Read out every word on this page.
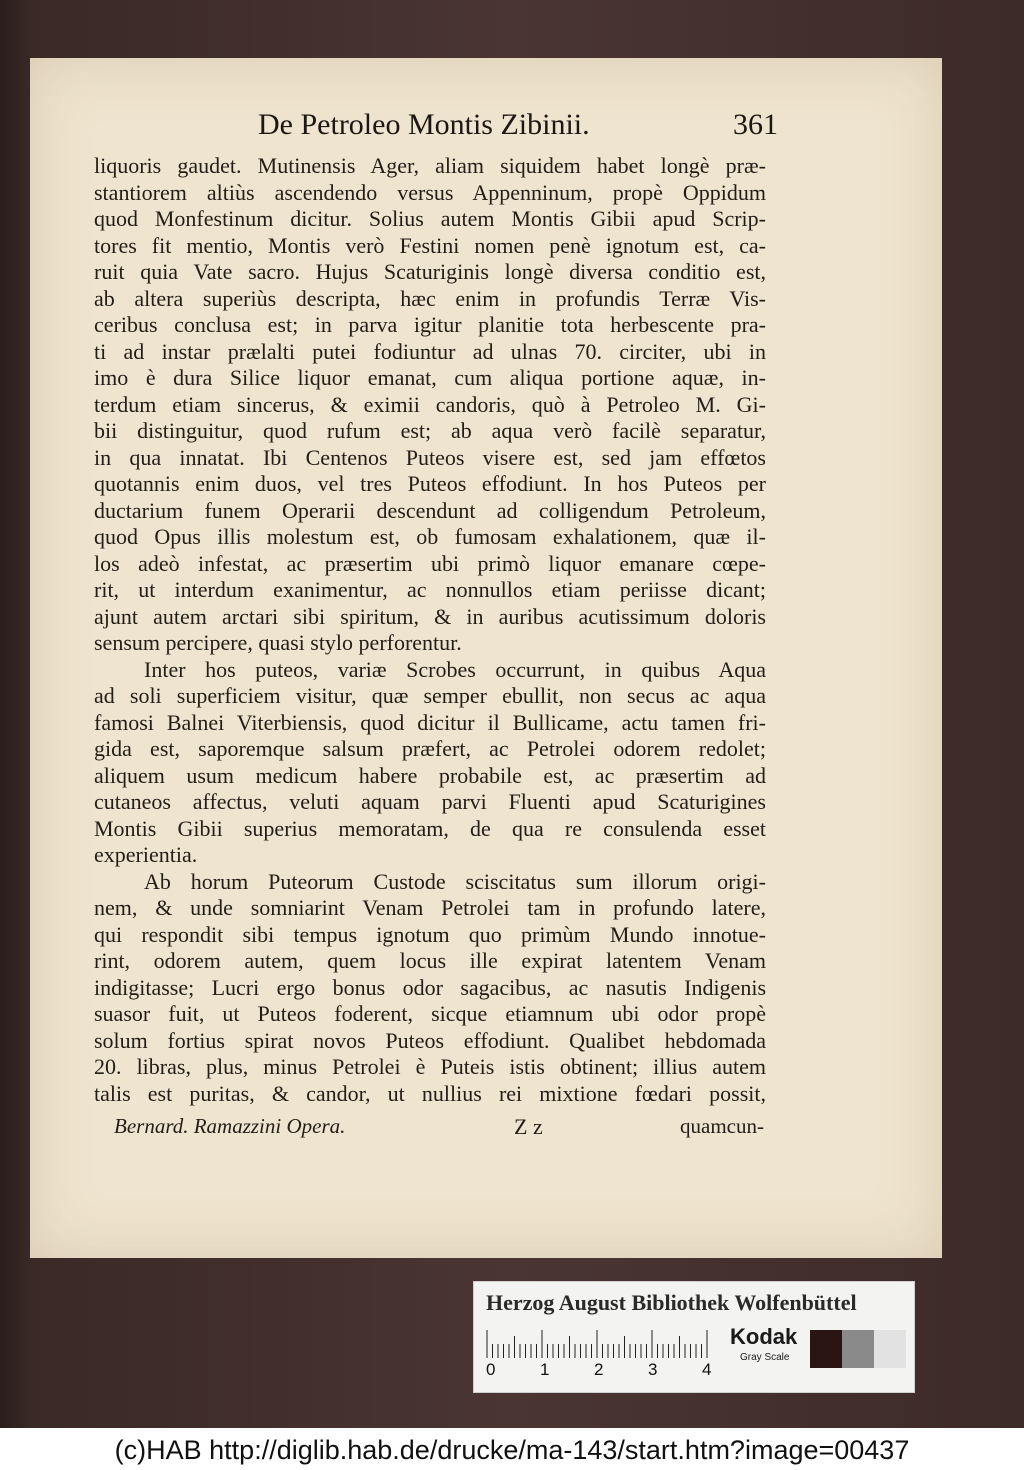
De Petroleo Montis Zibinii.	361
liquoris gaudet. Mutinensis Ager, aliam siquidem habet longè præ-
stantiorem altiùs ascendendo versus Appenninum, propè Oppidum
quod Monfestinum dicitur. Solius autem Montis Gibii apud Scrip-
tores fit mentio, Montis verò Festini nomen penè ignotum est, ca-
ruit quia Vate sacro. Hujus Scaturiginis longè diversa conditio est,
ab altera superiùs descripta, hæc enim in profundis Terræ Vis-
ceribus conclusa est; in parva igitur planitie tota herbescente pra-
ti ad instar prælalti putei fodiuntur ad ulnas 70. circiter, ubi in
imo è dura Silice liquor emanat, cum aliqua portione aquæ, in-
terdum etiam sincerus, & eximii candoris, quò à Petroleo M. Gi-
bii distinguitur, quod rufum est; ab aqua verò facilè separatur,
in qua innatat. Ibi Centenos Puteos visere est, sed jam effœtos
quotannis enim duos, vel tres Puteos effodiunt. In hos Puteos per
ductarium funem Operarii descendunt ad colligendum Petroleum,
quod Opus illis molestum est, ob fumosam exhalationem, quæ il-
los adeò infestat, ac præsertim ubi primò liquor emanare cœpe-
rit, ut interdum exanimentur, ac nonnullos etiam periisse dicant;
ajunt autem arctari sibi spiritum, & in auribus acutissimum doloris
sensum percipere, quasi stylo perforentur.
Inter hos puteos, variæ Scrobes occurrunt, in quibus Aqua
ad soli superficiem visitur, quæ semper ebullit, non secus ac aqua
famosi Balnei Viterbiensis, quod dicitur il Bullicame, actu tamen fri-
gida est, saporemque salsum præfert, ac Petrolei odorem redolet;
aliquem usum medicum habere probabile est, ac præsertim ad
cutaneos affectus, veluti aquam parvi Fluenti apud Scaturigines
Montis Gibii superius memoratam, de qua re consulenda esset
experientia.
Ab horum Puteorum Custode sciscitatus sum illorum origi-
nem, & unde somniarint Venam Petrolei tam in profundo latere,
qui respondit sibi tempus ignotum quo primùm Mundo innotue-
rint, odorem autem, quem locus ille expirat latentem Venam
indigitasse; Lucri ergo bonus odor sagacibus, ac nasutis Indigenis
suasor fuit, ut Puteos foderent, sicque etiamnum ubi odor propè
solum fortius spirat novos Puteos effodiunt. Qualibet hebdomada
20. libras, plus, minus Petrolei è Puteis istis obtinent; illius autem
talis est puritas, & candor, ut nullius rei mixtione fœdari possit,
Bernard. Ramazzini Opera.	Z z	quamcun-
Herzog August Bibliothek Wolfenbüttel
0	1	2	3	4
Kodak
Gray Scale
(c)HAB http://diglib.hab.de/drucke/ma-143/start.htm?image=00437
